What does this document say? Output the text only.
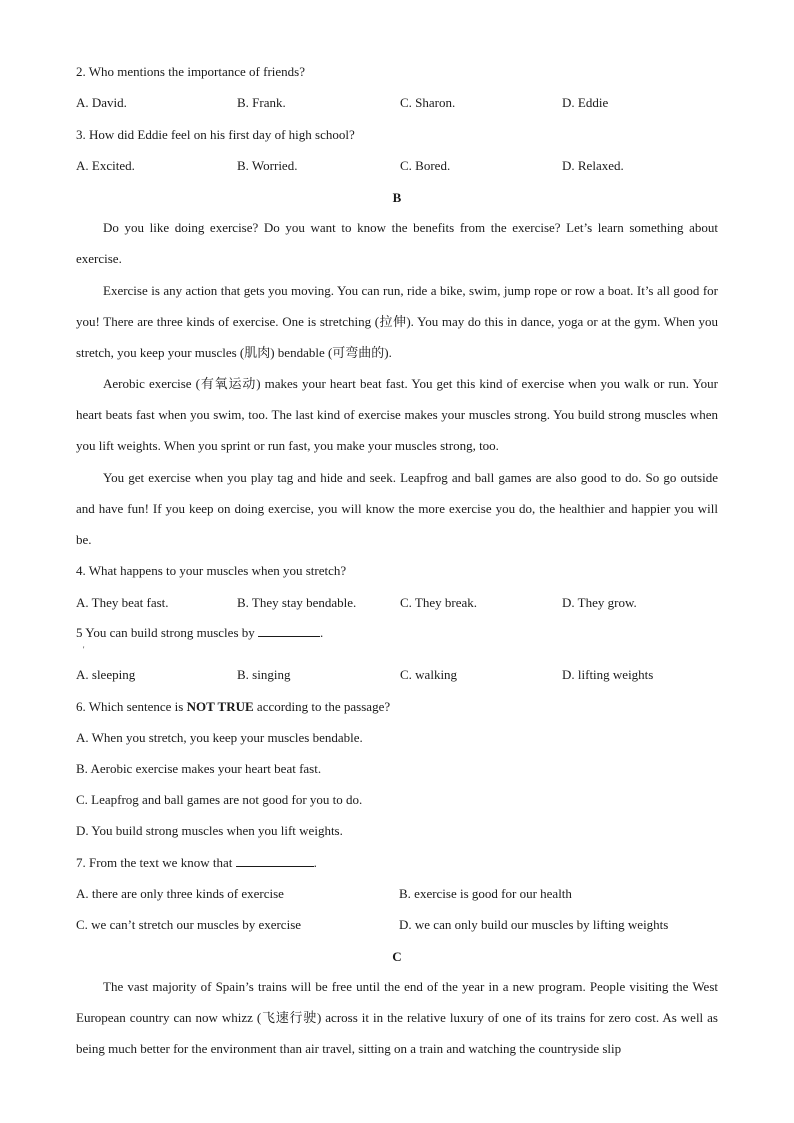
2. Who mentions the importance of friends?
A. David.	B. Frank.	C. Sharon.	D. Eddie
3. How did Eddie feel on his first day of high school?
A. Excited.	B. Worried.	C. Bored.	D. Relaxed.
B
Do you like doing exercise? Do you want to know the benefits from the exercise? Let’s learn something about exercise.
Exercise is any action that gets you moving. You can run, ride a bike, swim, jump rope or row a boat. It’s all good for you! There are three kinds of exercise. One is stretching (拉伸). You may do this in dance, yoga or at the gym. When you stretch, you keep your muscles (肌肉) bendable (可弯曲的).
Aerobic exercise (有氧运动) makes your heart beat fast. You get this kind of exercise when you walk or run. Your heart beats fast when you swim, too. The last kind of exercise makes your muscles strong. You build strong muscles when you lift weights. When you sprint or run fast, you make your muscles strong, too.
You get exercise when you play tag and hide and seek. Leapfrog and ball games are also good to do. So go outside and have fun! If you keep on doing exercise, you will know the more exercise you do, the healthier and happier you will be.
4. What happens to your muscles when you stretch?
A. They beat fast.	B. They stay bendable.	C. They break.	D. They grow.
5 You can build strong muscles by	.
'
A. sleeping	B. singing	C. walking	D. lifting weights
6. Which sentence is NOT TRUE according to the passage?
A. When you stretch, you keep your muscles bendable.
B. Aerobic exercise makes your heart beat fast.
C. Leapfrog and ball games are not good for you to do.
D. You build strong muscles when you lift weights.
7. From the text we know that	.
A. there are only three kinds of exercise	B. exercise is good for our health
C. we can’t stretch our muscles by exercise	D. we can only build our muscles by lifting weights
C
The vast majority of Spain’s trains will be free until the end of the year in a new program. People visiting the West European country can now whizz (飞速行驶) across it in the relative luxury of one of its trains for zero cost. As well as being much better for the environment than air travel, sitting on a train and watching the countryside slip
